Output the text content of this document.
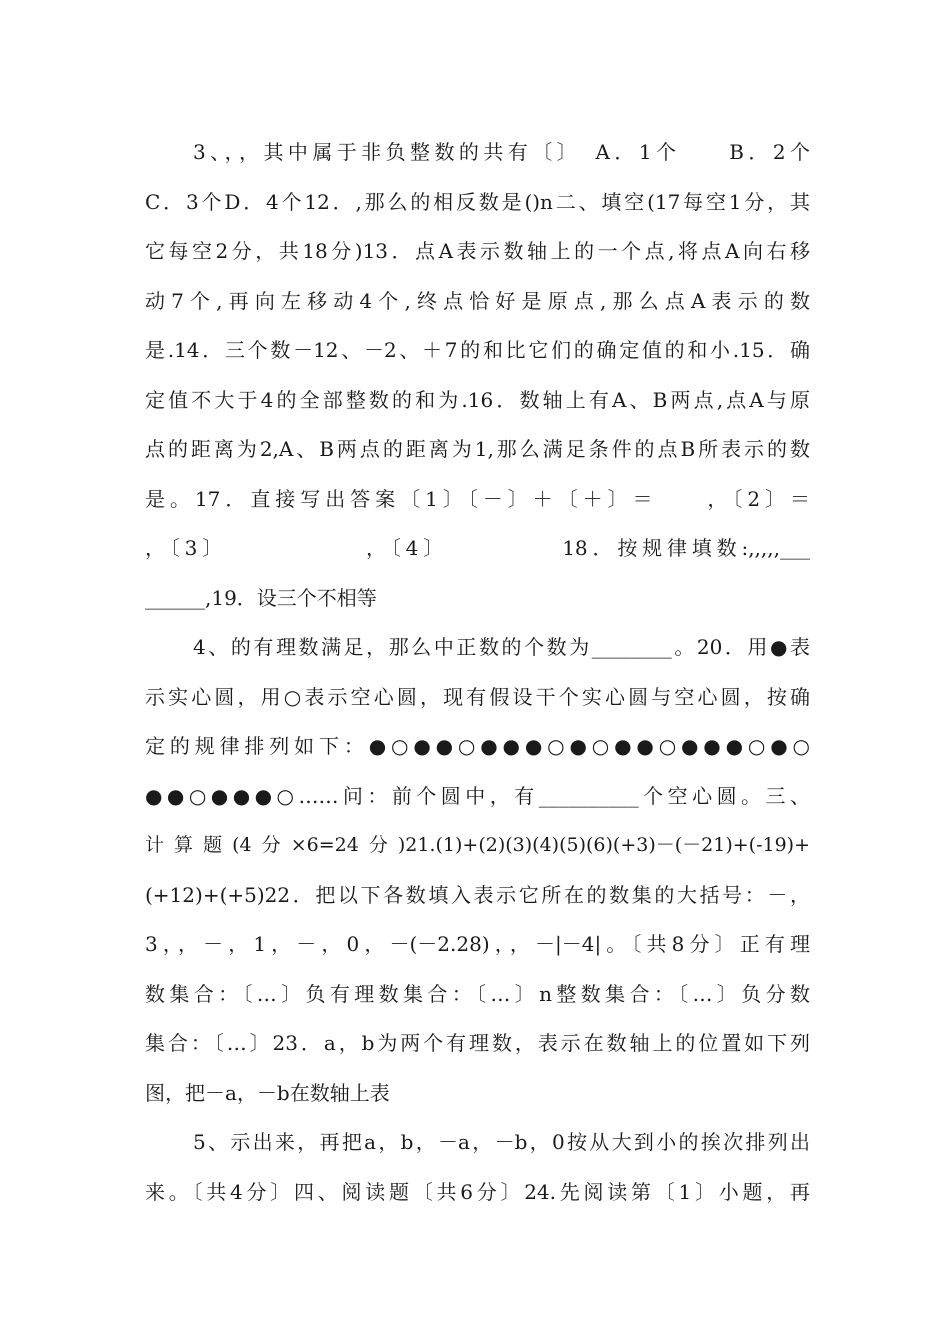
3、，，其中属于非负整数的共有〔〕　A．1个　　B．2个
C．3个D．4个12．,那么的相反数是()n二、填空(17每空1分，其
它每空2分，共18分)13．点A表示数轴上的一个点,将点A向右移
动7个,再向左移动4个,终点恰好是原点,那么点A表示的数
是.14．三个数－12、－2、＋7的和比它们的确定值的和小.15．确
定值不大于4的全部整数的和为.16．数轴上有A、B两点,点A与原
点的距离为2,A、B两点的距离为1,那么满足条件的点B所表示的数
是。17．直接写出答案〔1〕〔－〕＋〔＋〕＝　　，〔2〕＝
，〔3〕　　　　　　，〔4〕　　　　　18．按规律填数:,,,,,___
______,19．设三个不相等
4、的有理数满足，那么中正数的个数为________。20．用●表
示实心圆，用○表示空心圆，现有假设干个实心圆与空心圆，按确
定的规律排列如下：●○●●○●●●○●○●●○●●●○●○
●●○●●●○……问：前个圆中，有__________个空心圆。三、
计算题(4分×6=24分)21.(1)+(2)(3)(4)(5)(6)(+3)－(－21)+(-19)+
(+12)+(+5)22．把以下各数填入表示它所在的数集的大括号：－，
3，，－，1，－，0，－(－2.28)，，－|－4|。〔共8分〕正有理
数集合：〔…〕负有理数集合：〔…〕n整数集合：〔…〕负分数
集合：〔…〕23．a，b为两个有理数，表示在数轴上的位置如下列
图，把－a，－b在数轴上表
5、示出来，再把a，b，－a，－b，0按从大到小的挨次排列出
来。〔共4分〕四、阅读题〔共6分〕24.先阅读第〔1〕小题，再
